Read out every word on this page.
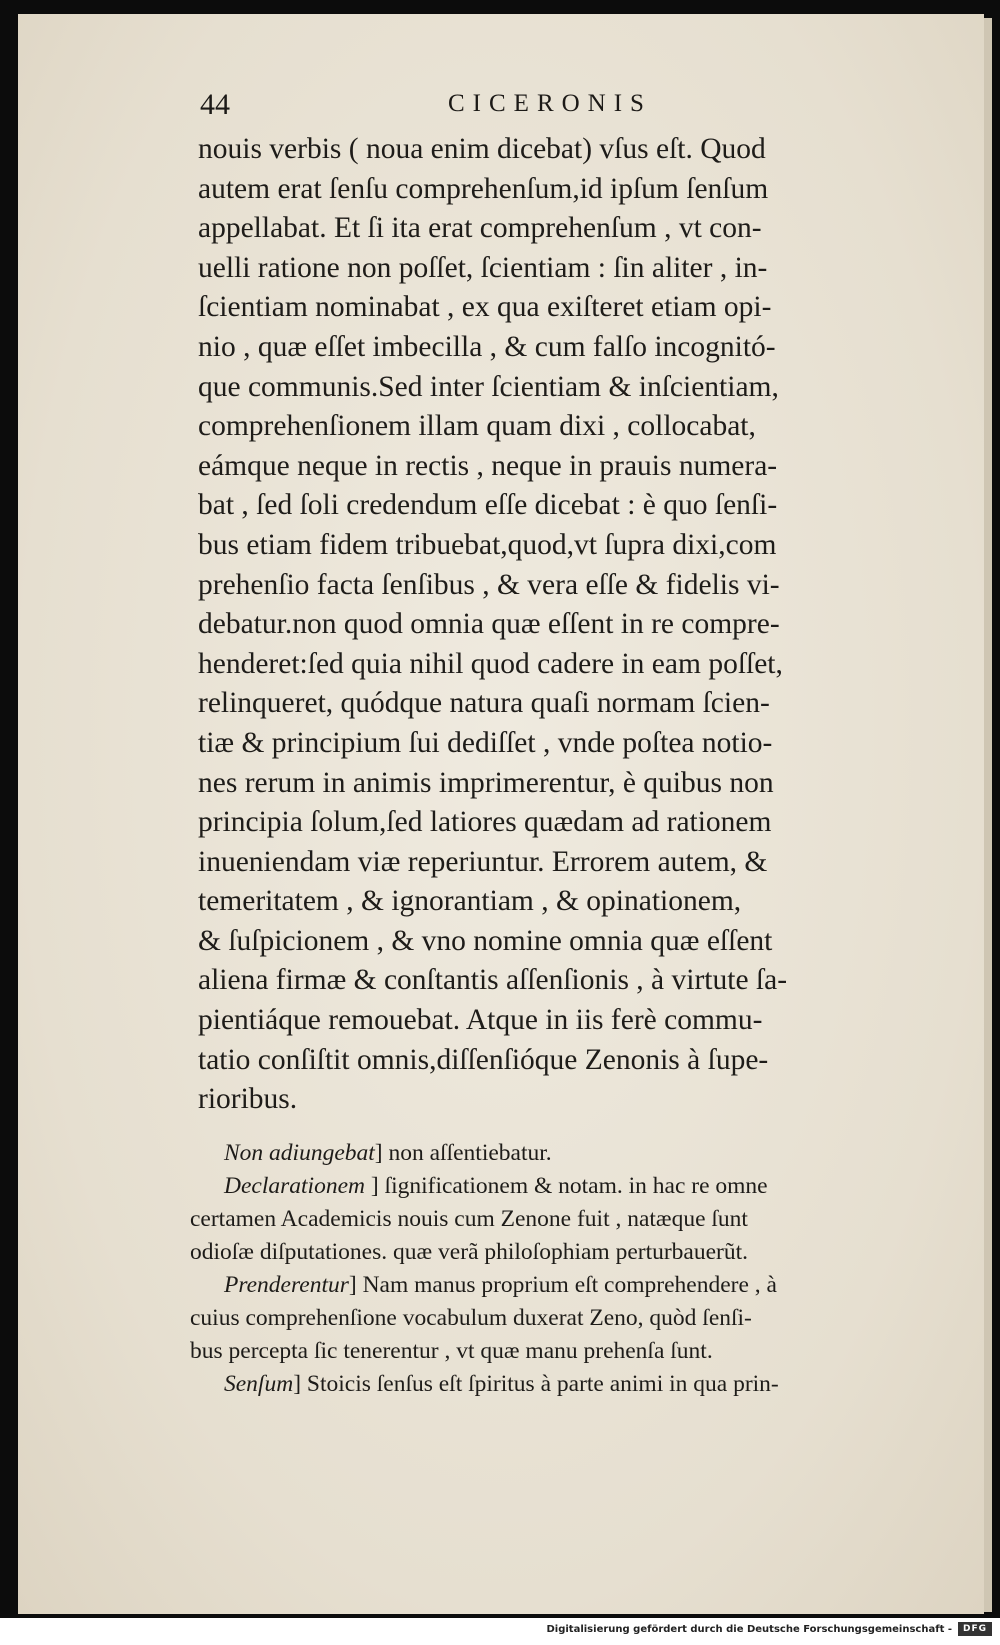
44	CICERONIS
nouis verbis ( noua enim dicebat) vſus eſt. Quod
autem erat ſenſu comprehenſum,id ipſum ſenſum
appellabat. Et ſi ita erat comprehenſum , vt con-
uelli ratione non poſſet, ſcientiam : ſin aliter , in-
ſcientiam nominabat , ex qua exiſteret etiam opi-
nio , quæ eſſet imbecilla , & cum falſo incognitó-
que communis.Sed inter ſcientiam & inſcientiam,
comprehenſionem illam quam dixi , collocabat,
eámque neque in rectis , neque in prauis numera-
bat , ſed ſoli credendum eſſe dicebat : è quo ſenſi-
bus etiam fidem tribuebat,quod,vt ſupra dixi,com
prehenſio facta ſenſibus , & vera eſſe & fidelis vi-
debatur.non quod omnia quæ eſſent in re compre-
henderet:ſed quia nihil quod cadere in eam poſſet,
relinqueret, quódque natura quaſi normam ſcien-
tiæ & principium ſui dediſſet , vnde poſtea notio-
nes rerum in animis imprimerentur, è quibus non
principia ſolum,ſed latiores quædam ad rationem
inueniendam viæ reperiuntur. Errorem autem, &
temeritatem , & ignorantiam , & opinationem,
& ſuſpicionem , & vno nomine omnia quæ eſſent
aliena firmæ & conſtantis aſſenſionis , à virtute ſa-
pientiáque remouebat. Atque in iis ferè commu-
tatio conſiſtit omnis,diſſenſióque Zenonis à ſupe-
rioribus.
Non adiungebat] non aſſentiebatur.
Declarationem ] ſignificationem & notam. in hac re omne
certamen Academicis nouis cum Zenone fuit , natæque ſunt
odioſæ diſputationes. quæ verã philoſophiam perturbauerũt.
Prenderentur] Nam manus proprium eſt comprehendere , à
cuius comprehenſione vocabulum duxerat Zeno, quòd ſenſi-
bus percepta ſic tenerentur , vt quæ manu prehenſa ſunt.
Senſum] Stoicis ſenſus eſt ſpiritus à parte animi in qua prin-
Digitalisierung gefördert durch die Deutsche Forschungsgemeinschaft -	DFG
